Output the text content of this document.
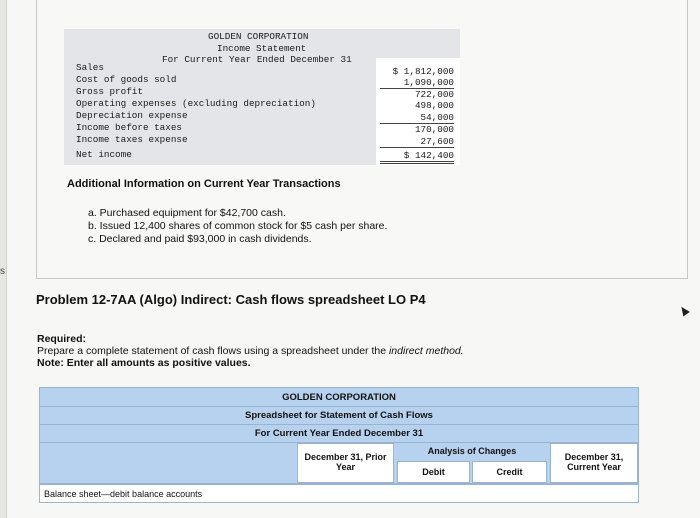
s
GOLDEN CORPORATION
Income Statement
For Current Year Ended December 31
Sales	$ 1,812,000
Cost of goods sold	1,090,000
Gross profit	722,000
Operating expenses (excluding depreciation)	498,000
Depreciation expense	54,000
Income before taxes	170,000
Income taxes expense	27,600
Net income	$ 142,400
Additional Information on Current Year Transactions
a. Purchased equipment for $42,700 cash.
b. Issued 12,400 shares of common stock for $5 cash per share.
c. Declared and paid $93,000 in cash dividends.
Problem 12-7AA (Algo) Indirect: Cash flows spreadsheet LO P4
Required:
Prepare a complete statement of cash flows using a spreadsheet under the indirect method.
Note: Enter all amounts as positive values.
GOLDEN CORPORATION
Spreadsheet for Statement of Cash Flows
For Current Year Ended December 31
December 31, Prior Year
Analysis of Changes
Debit	Credit
December 31, Current Year
Balance sheet—debit balance accounts
